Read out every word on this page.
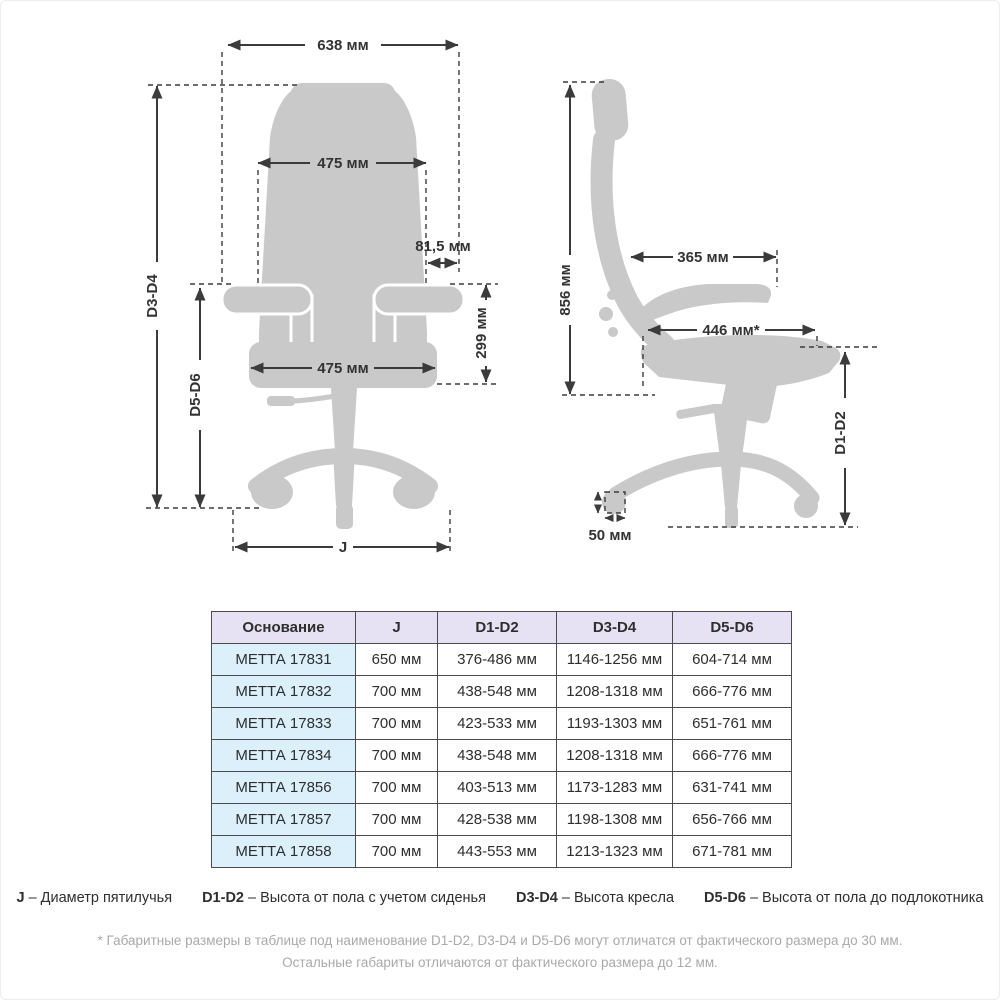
638 мм
475 мм
81,5 мм
D3-D4
D5-D6
299 мм
475 мм
J
856 мм
365 мм
446 мм*
D1-D2
50 мм
Основание	J	D1-D2	D3-D4	D5-D6
МЕТТА 17831	650 мм	376-486 мм	1146-1256 мм	604-714 мм
МЕТТА 17832	700 мм	438-548 мм	1208-1318 мм	666-776 мм
МЕТТА 17833	700 мм	423-533 мм	1193-1303 мм	651-761 мм
МЕТТА 17834	700 мм	438-548 мм	1208-1318 мм	666-776 мм
МЕТТА 17856	700 мм	403-513 мм	1173-1283 мм	631-741 мм
МЕТТА 17857	700 мм	428-538 мм	1198-1308 мм	656-766 мм
МЕТТА 17858	700 мм	443-553 мм	1213-1323 мм	671-781 мм
J – Диаметр пятилучья D1-D2 – Высота от пола с учетом сиденья D3-D4 – Высота кресла D5-D6 – Высота от пола до подлокотника
* Габаритные размеры в таблице под наименование D1-D2, D3-D4 и D5-D6 могут отличатся от фактического размера до 30 мм.
Остальные габариты отличаются от фактического размера до 12 мм.
